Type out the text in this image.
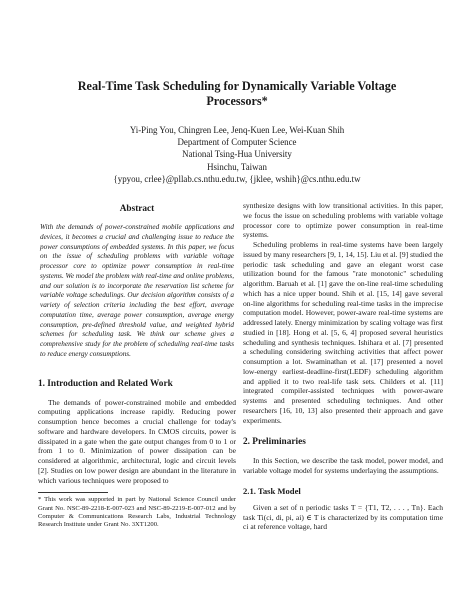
Real-Time Task Scheduling for Dynamically Variable Voltage
Processors*
Yi-Ping You, Chingren Lee, Jenq-Kuen Lee, Wei-Kuan Shih
Department of Computer Science
National Tsing-Hua University
Hsinchu, Taiwan
{ypyou, crlee}@pllab.cs.nthu.edu.tw, {jklee, wshih}@cs.nthu.edu.tw

Abstract

With the demands of power-constrained mobile applications and devices, it becomes a crucial and challenging issue to reduce the power consumptions of embedded systems. In this paper, we focus on the issue of scheduling problems with variable voltage processor core to optimize power consumption in real-time systems. We model the problem with real-time and online problems, and our solution is to incorporate the reservation list scheme for variable voltage schedulings. Our decision algorithm consists of a variety of selection criteria including the best effort, average computation time, average power consumption, average energy consumption, pre-defined threshold value, and weighted hybrid schemes for scheduling task. We think our scheme gives a comprehensive study for the problem of scheduling real-time tasks to reduce energy consumptions.

1. Introduction and Related Work

The demands of power-constrained mobile and embedded computing applications increase rapidly. Reducing power consumption hence becomes a crucial challenge for today's software and hardware developers. In CMOS circuits, power is dissipated in a gate when the gate output changes from 0 to 1 or from 1 to 0. Minimization of power dissipation can be considered at algorithmic, architectural, logic and circuit levels [2]. Studies on low power design are abundant in the literature in which various techniques were proposed to

* This work was supported in part by National Science Council under Grant No. NSC-89-2218-E-007-023 and NSC-89-2219-E-007-012 and by Computer & Communications Research Labs, Industrial Technology Research Institute under Grant No. 3XT1200.

synthesize designs with low transitional activities. In this paper, we focus the issue on scheduling problems with variable voltage processor core to optimize power consumption in real-time systems.

Scheduling problems in real-time systems have been largely issued by many researchers [9, 1, 14, 15]. Liu et al. [9] studied the periodic task scheduling and gave an elegant worst case utilization bound for the famous "rate monotonic" scheduling algorithm. Baruah et al. [1] gave the on-line real-time scheduling which has a nice upper bound. Shih et al. [15, 14] gave several on-line algorithms for scheduling real-time tasks in the imprecise computation model. However, power-aware real-time systems are addressed lately. Energy minimization by scaling voltage was first studied in [18]. Hong et al. [5, 6, 4] proposed several heuristics scheduling and synthesis techniques. Ishihara et al. [7] presented a scheduling considering switching activities that affect power consumption a lot. Swaminathan et al. [17] presented a novel low-energy earliest-deadline-first(LEDF) scheduling algorithm and applied it to two real-life task sets. Childers et al. [11] integrated compiler-assisted techniques with power-aware systems and presented scheduling techniques. And other researchers [16, 10, 13] also presented their approach and gave experiments.

2. Preliminaries

In this Section, we describe the task model, power model, and variable voltage model for systems underlaying the assumptions.

2.1. Task Model

Given a set of n periodic tasks T = {T1, T2, . . . , Tn}. Each task Ti(ci, di, pi, ai) ∈ T is characterized by its computation time ci at reference voltage, hard
